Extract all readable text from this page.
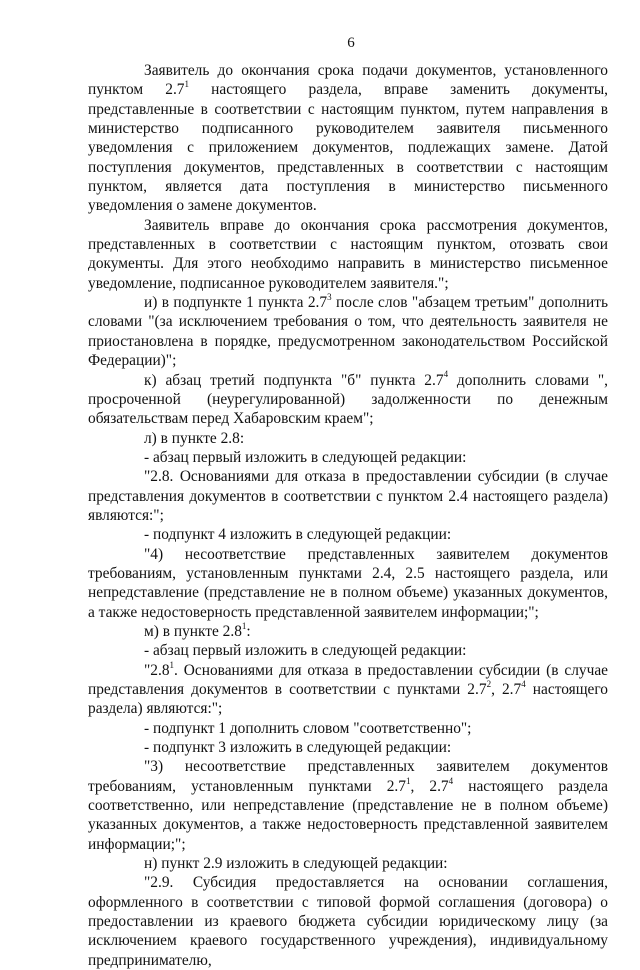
6

Заявитель до окончания срока подачи документов, установленного пунктом $2.7^1$ настоящего раздела, вправе заменить документы, представленные в соответствии с настоящим пунктом, путем направления в министерство подписанного руководителем заявителя письменного уведомления с приложением документов, подлежащих замене. Датой поступления документов, представленных в соответствии с настоящим пунктом, является дата поступления в министерство письменного уведомления о замене документов.

Заявитель вправе до окончания срока рассмотрения документов, представленных в соответствии с настоящим пунктом, отозвать свои документы. Для этого необходимо направить в министерство письменное уведомление, подписанное руководителем заявителя.";

и) в подпункте 1 пункта $2.7^3$ после слов "абзацем третьим" дополнить словами "(за исключением требования о том, что деятельность заявителя не приостановлена в порядке, предусмотренном законодательством Российской Федерации)";

к) абзац третий подпункта "б" пункта $2.7^4$ дополнить словами ", просроченной (неурегулированной) задолженности по денежным обязательствам перед Хабаровским краем";

л) в пункте 2.8:

- абзац первый изложить в следующей редакции:

"2.8. Основаниями для отказа в предоставлении субсидии (в случае представления документов в соответствии с пунктом 2.4 настоящего раздела) являются:";

- подпункт 4 изложить в следующей редакции:

"4) несоответствие представленных заявителем документов требованиям, установленным пунктами 2.4, 2.5 настоящего раздела, или непредставление (представление не в полном объеме) указанных документов, а также недостоверность представленной заявителем информации;";

м) в пункте $2.8^1$:

- абзац первый изложить в следующей редакции:

"$2.8^1$. Основаниями для отказа в предоставлении субсидии (в случае представления документов в соответствии с пунктами $2.7^2$, $2.7^4$ настоящего раздела) являются:";

- подпункт 1 дополнить словом "соответственно";

- подпункт 3 изложить в следующей редакции:

"3) несоответствие представленных заявителем документов требованиям, установленным пунктами $2.7^1$, $2.7^4$ настоящего раздела соответственно, или непредставление (представление не в полном объеме) указанных документов, а также недостоверность представленной заявителем информации;";

н) пункт 2.9 изложить в следующей редакции:

"2.9. Субсидия предоставляется на основании соглашения, оформленного в соответствии с типовой формой соглашения (договора) о предоставлении из краевого бюджета субсидии юридическому лицу (за исключением краевого государственного учреждения), индивидуальному предпринимателю,
